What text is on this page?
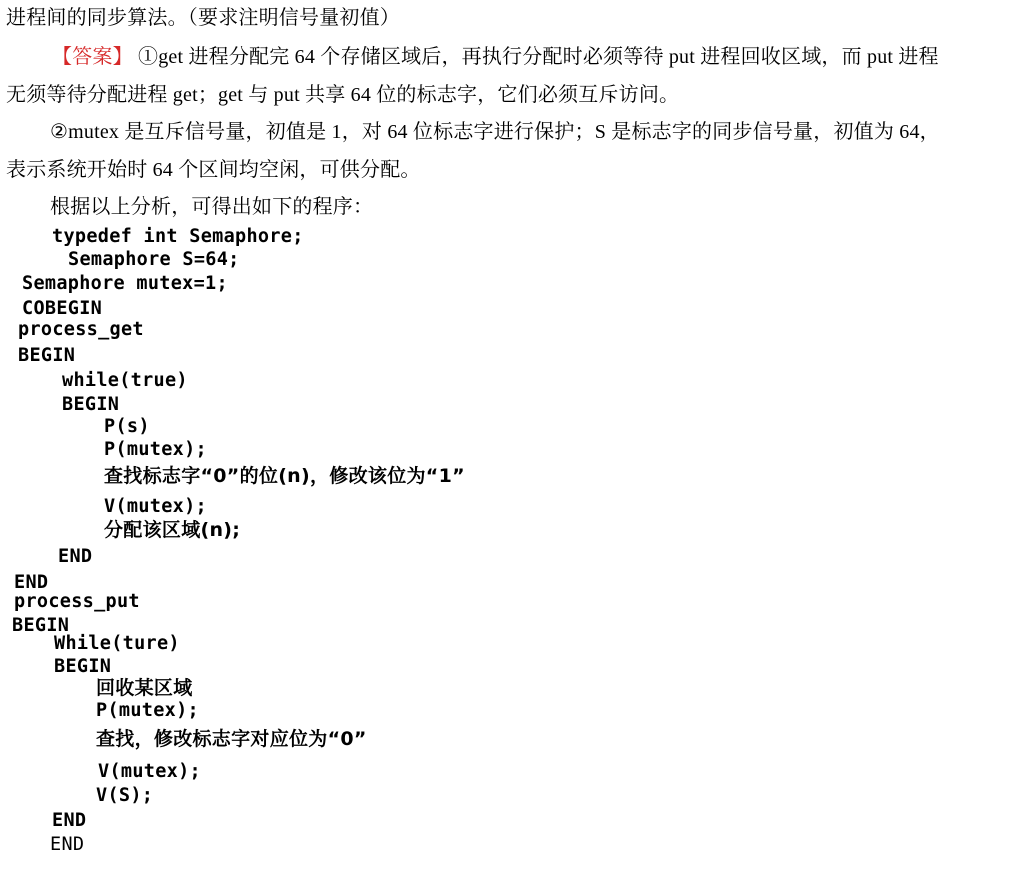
进程间的同步算法。（要求注明信号量初值）
【答案】 ①get 进程分配完 64 个存储区域后，再执行分配时必须等待 put 进程回收区域，而 put 进程
无须等待分配进程 get；get 与 put 共享 64 位的标志字，它们必须互斥访问。
②mutex 是互斥信号量，初值是 1，对 64 位标志字进行保护；S 是标志字的同步信号量，初值为 64，
表示系统开始时 64 个区间均空闲，可供分配。
根据以上分析，可得出如下的程序：
typedef int Semaphore;
Semaphore S=64;
Semaphore mutex=1;
COBEGIN
process_get
BEGIN
while(true)
BEGIN
P(s)
P(mutex);
查找标志字“0”的位(n)，修改该位为“1”
V(mutex);
分配该区域(n);
END
END
process_put
BEGIN
While(ture)
BEGIN
回收某区域
P(mutex);
查找，修改标志字对应位为“0”
V(mutex);
V(S);
END
END
